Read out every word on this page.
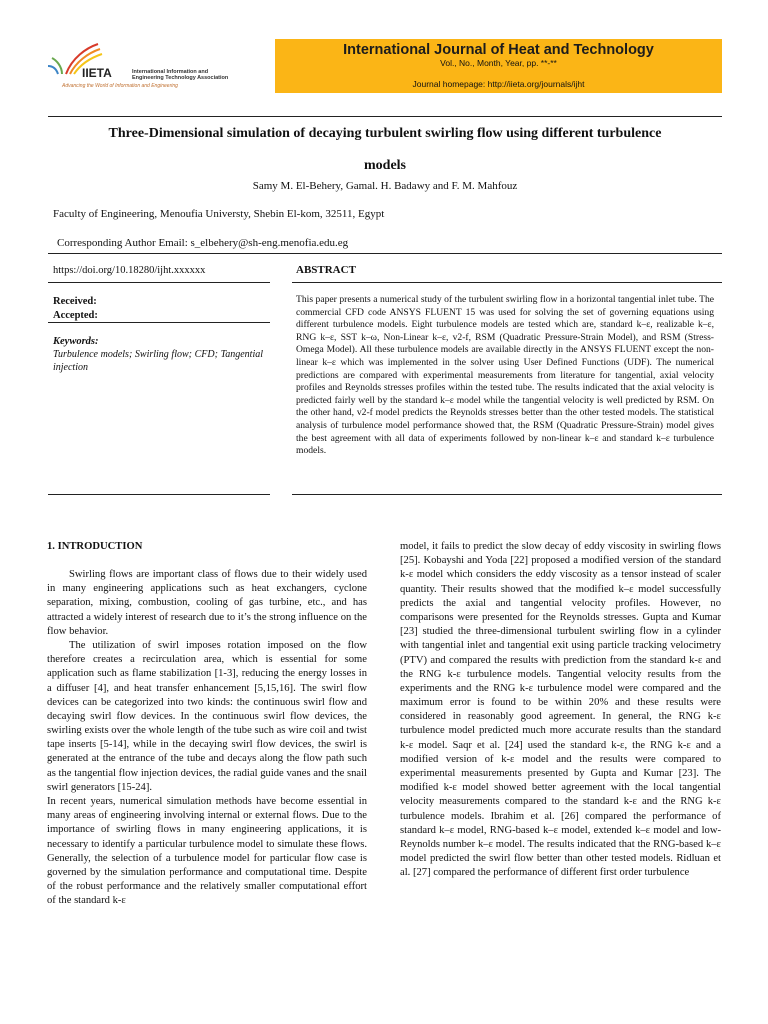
IIETA	International Information and
Engineering Technology Association
Advancing the World of Information and Engineering
International Journal of Heat and Technology
Vol., No., Month, Year, pp. **-**
Journal homepage: http://iieta.org/journals/ijht
Three-Dimensional simulation of decaying turbulent swirling flow using different turbulence
models
Samy M. El-Behery, Gamal. H. Badawy and F. M. Mahfouz
Faculty of Engineering, Menoufia Universty, Shebin El-kom, 32511, Egypt
Corresponding Author Email: s_elbehery@sh-eng.menofia.edu.eg
https://doi.org/10.18280/ijht.xxxxxx
Received:
Accepted:
Keywords:
Turbulence models; Swirling flow; CFD; Tangential injection
ABSTRACT
This paper presents a numerical study of the turbulent swirling flow in a horizontal tangential inlet tube. The commercial CFD code ANSYS FLUENT 15 was used for solving the set of governing equations using different turbulence models. Eight turbulence models are tested which are, standard k–ε, realizable k–ε, RNG k–ε, SST k–ω, Non-Linear k–ε, v2-f, RSM (Quadratic Pressure-Strain Model), and RSM (Stress-Omega Model). All these turbulence models are available directly in the ANSYS FLUENT except the non-linear k–ε which was implemented in the solver using User Defined Functions (UDF). The numerical predictions are compared with experimental measurements from literature for tangential, axial velocity profiles and Reynolds stresses profiles within the tested tube. The results indicated that the axial velocity is predicted fairly well by the standard k–ε model while the tangential velocity is well predicted by RSM. On the other hand, v2-f model predicts the Reynolds stresses better than the other tested models. The statistical analysis of turbulence model performance showed that, the RSM (Quadratic Pressure-Strain) model gives the best agreement with all data of experiments followed by non-linear k–ε and standard k–ε turbulence models.
1. INTRODUCTION

Swirling flows are important class of flows due to their widely used in many engineering applications such as heat exchangers, cyclone separation, mixing, combustion, cooling of gas turbine, etc., and has attracted a widely interest of research due to it’s the strong influence on the flow behavior.

The utilization of swirl imposes rotation imposed on the flow therefore creates a recirculation area, which is essential for some application such as flame stabilization [1-3], reducing the energy losses in a diffuser [4], and heat transfer enhancement [5,15,16]. The swirl flow devices can be categorized into two kinds: the continuous swirl flow and decaying swirl flow devices. In the continuous swirl flow devices, the swirling exists over the whole length of the tube such as wire coil and twist tape inserts [5-14], while in the decaying swirl flow devices, the swirl is generated at the entrance of the tube and decays along the flow path such as the tangential flow injection devices, the radial guide vanes and the snail swirl generators [15-24].

In recent years, numerical simulation methods have become essential in many areas of engineering involving internal or external flows. Due to the importance of swirling flows in many engineering applications, it is necessary to identify a particular turbulence model to simulate these flows. Generally, the selection of a turbulence model for particular flow case is governed by the simulation performance and computational time. Despite of the robust performance and the relatively smaller computational effort of the standard k-ε

model, it fails to predict the slow decay of eddy viscosity in swirling flows [25]. Kobayshi and Yoda [22] proposed a modified version of the standard k-ε model which considers the eddy viscosity as a tensor instead of scaler quantity. Their results showed that the modified k–ε model successfully predicts the axial and tangential velocity profiles. However, no comparisons were presented for the Reynolds stresses. Gupta and Kumar [23] studied the three-dimensional turbulent swirling flow in a cylinder with tangential inlet and tangential exit using particle tracking velocimetry (PTV) and compared the results with prediction from the standard k-ε and the RNG k-ε turbulence models. Tangential velocity results from the experiments and the RNG k-ε turbulence model were compared and the maximum error is found to be within 20% and these results were considered in reasonably good agreement. In general, the RNG k-ε turbulence model predicted much more accurate results than the standard k-ε model. Saqr et al. [24] used the standard k-ε, the RNG k-ε and a modified version of k-ε model and the results were compared to experimental measurements presented by Gupta and Kumar [23]. The modified k-ε model showed better agreement with the local tangential velocity measurements compared to the standard k-ε and the RNG k-ε turbulence models. Ibrahim et al. [26] compared the performance of standard k–ε model, RNG-based k–ε model, extended k–ε model and low-Reynolds number k–ε model. The results indicated that the RNG-based k–ε model predicted the swirl flow better than other tested models. Ridluan et al. [27] compared the performance of different first order turbulence
